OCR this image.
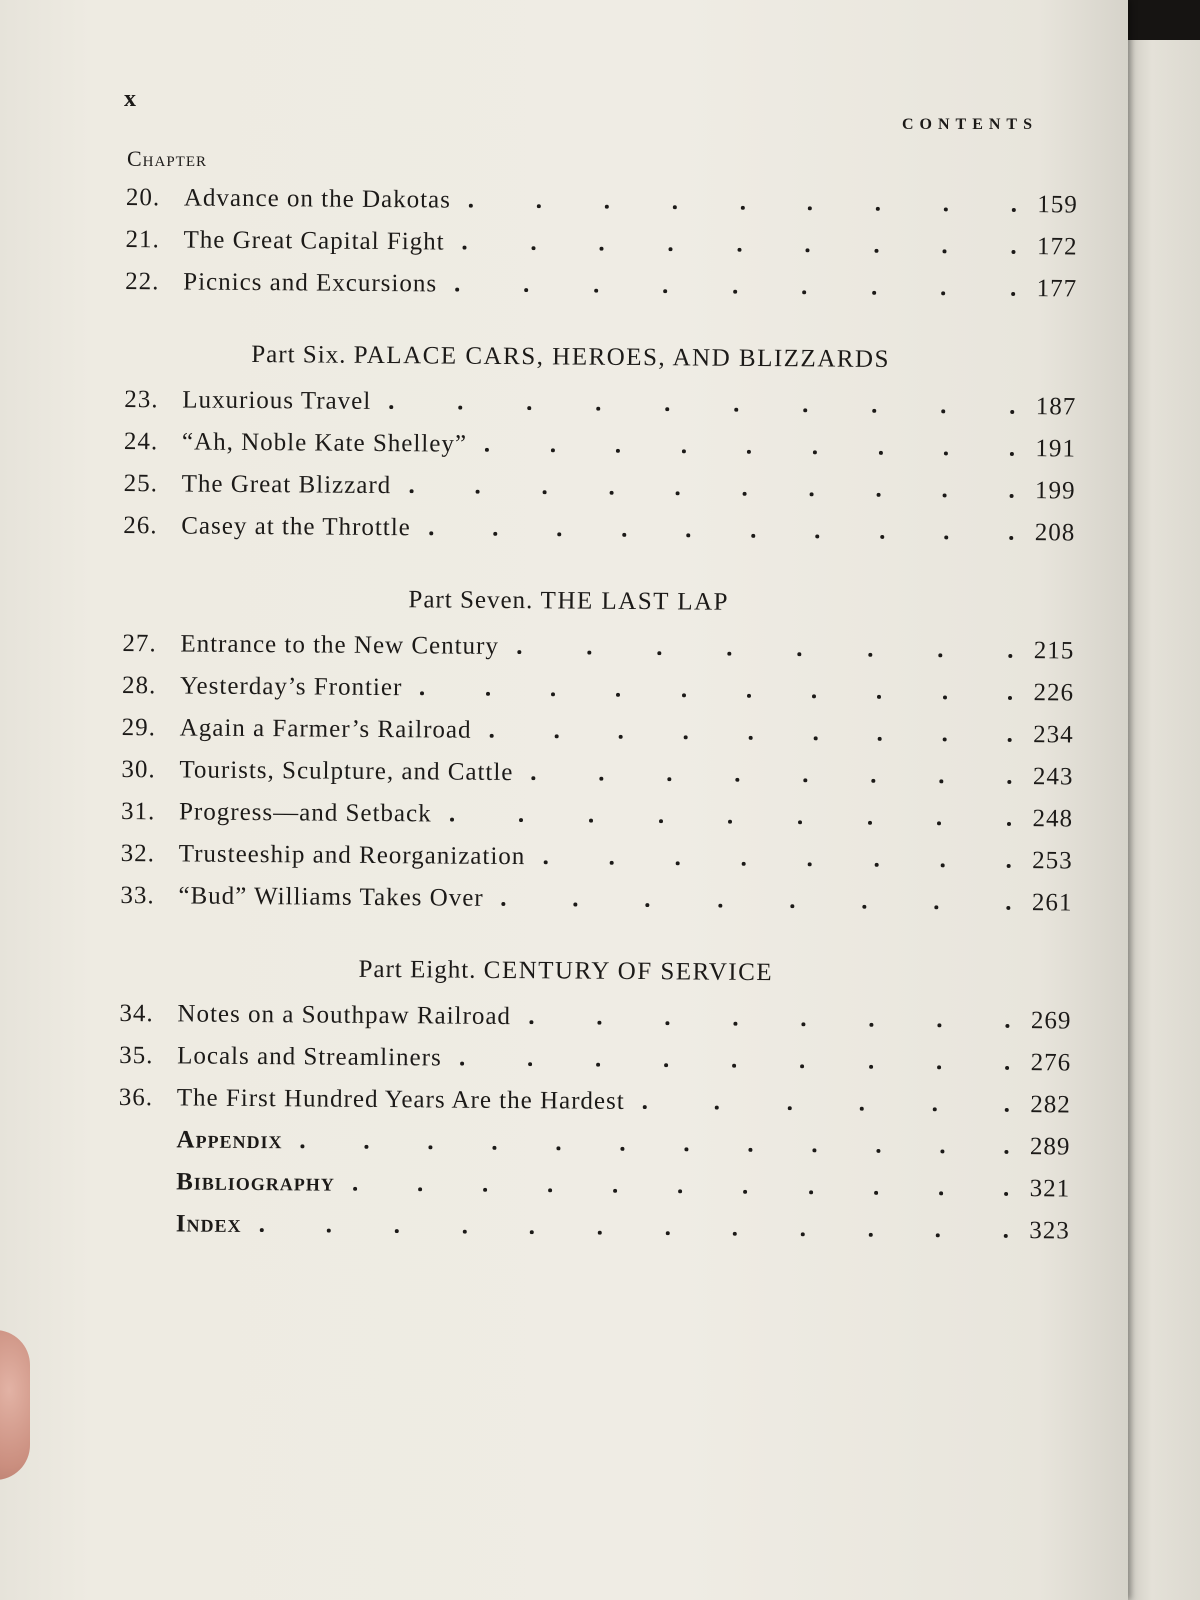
x
CONTENTS
Chapter
20. Advance on the Dakotas	159
21. The Great Capital Fight	172
22. Picnics and Excursions	177
Part Six. PALACE CARS, HEROES, AND BLIZZARDS
23. Luxurious Travel	187
24. “Ah, Noble Kate Shelley”	191
25. The Great Blizzard	199
26. Casey at the Throttle	208
Part Seven. THE LAST LAP
27. Entrance to the New Century	215
28. Yesterday’s Frontier	226
29. Again a Farmer’s Railroad	234
30. Tourists, Sculpture, and Cattle	243
31. Progress—and Setback	248
32. Trusteeship and Reorganization	253
33. “Bud” Williams Takes Over	261
Part Eight. CENTURY OF SERVICE
34. Notes on a Southpaw Railroad	269
35. Locals and Streamliners	276
36. The First Hundred Years Are the Hardest	282
Appendix	289
Bibliography	321
Index	323
